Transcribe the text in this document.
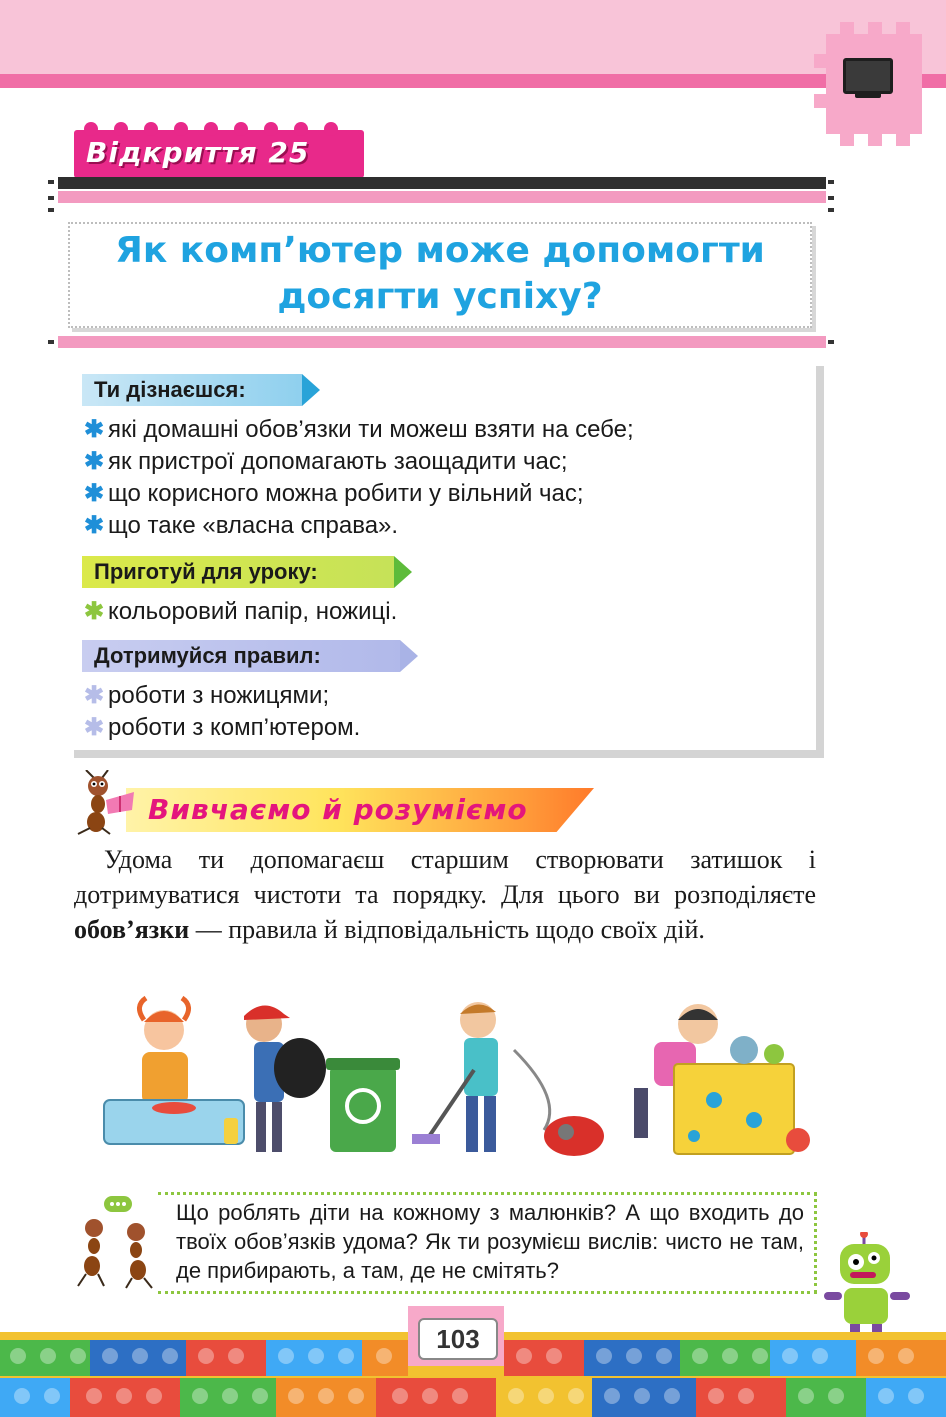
Відкриття 25
Як комп’ютер може допомогти
досягти успіху?
Ти дізнаєшся:
✱ які домашні обов’язки ти можеш взяти на себе;
✱ як пристрої допомагають заощадити час;
✱ що корисного можна робити у вільний час;
✱ що таке «власна справа».
Приготуй для уроку:
✱ кольоровий папір, ножиці.
Дотримуйся правил:
✱ роботи з ножицями;
✱ роботи з комп’ютером.
Вивчаємо й розуміємо
Удома ти допомагаєш старшим створювати затишок і дотримуватися чистоти та порядку. Для цього ви розподіляєте обов’язки — правила й відповідальність щодо своїх дій.
Що роблять діти на кожному з малюнків? А що входить до твоїх обов’язків удома? Як ти розумієш вислів: чисто не там, де прибирають, а там, де не смітять?
103
